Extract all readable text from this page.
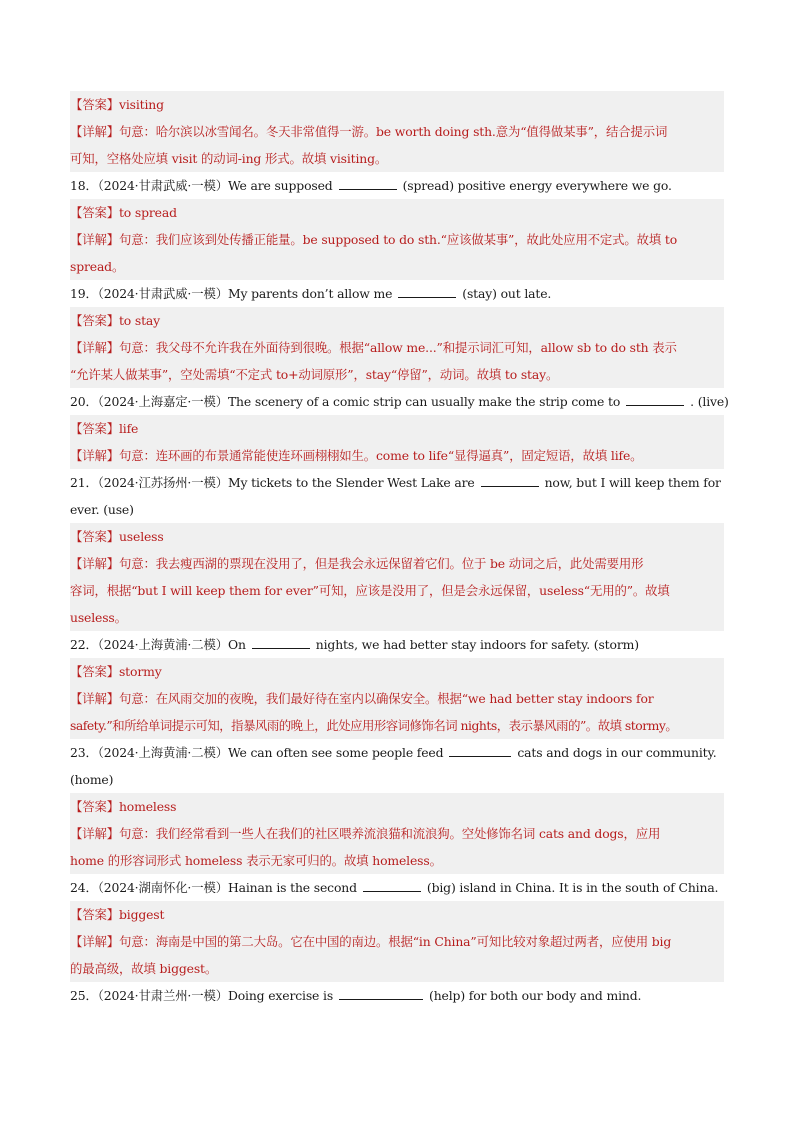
【答案】visiting
【详解】句意：哈尔滨以冰雪闻名。冬天非常值得一游。be worth doing sth.意为“值得做某事”，结合提示词
可知，空格处应填 visit 的动词-ing 形式。故填 visiting。
18．（2024·甘肃武威·一模）We are supposed	(spread) positive energy everywhere we go.
【答案】to spread
【详解】句意：我们应该到处传播正能量。be supposed to do sth.“应该做某事”，故此处应用不定式。故填 to
spread。
19．（2024·甘肃武威·一模）My parents don’t allow me	(stay) out late.
【答案】to stay
【详解】句意：我父母不允许我在外面待到很晚。根据“allow me...”和提示词汇可知，allow sb to do sth 表示
“允许某人做某事”，空处需填“不定式 to+动词原形”，stay“停留”，动词。故填 to stay。
20．（2024·上海嘉定·一模）The scenery of a comic strip can usually make the strip come to	. (live)
【答案】life
【详解】句意：连环画的布景通常能使连环画栩栩如生。come to life“显得逼真”，固定短语，故填 life。
21．（2024·江苏扬州·一模）My tickets to the Slender West Lake are	now, but I will keep them for
ever. (use)
【答案】useless
【详解】句意：我去瘦西湖的票现在没用了，但是我会永远保留着它们。位于 be 动词之后，此处需要用形
容词，根据“but I will keep them for ever”可知，应该是没用了，但是会永远保留，useless“无用的”。故填
useless。
22．（2024·上海黄浦·二模）On	nights, we had better stay indoors for safety. (storm)
【答案】stormy
【详解】句意：在风雨交加的夜晚，我们最好待在室内以确保安全。根据“we had better stay indoors for
safety.”和所给单词提示可知，指暴风雨的晚上，此处应用形容词修饰名词 nights，表示暴风雨的”。故填 stormy。
23．（2024·上海黄浦·二模）We can often see some people feed	cats and dogs in our community.
(home)
【答案】homeless
【详解】句意：我们经常看到一些人在我们的社区喂养流浪猫和流浪狗。空处修饰名词 cats and dogs，应用
home 的形容词形式 homeless 表示无家可归的。故填 homeless。
24．（2024·湖南怀化·一模）Hainan is the second	(big) island in China. It is in the south of China.
【答案】biggest
【详解】句意：海南是中国的第二大岛。它在中国的南边。根据“in China”可知比较对象超过两者，应使用 big
的最高级，故填 biggest。
25．（2024·甘肃兰州·一模）Doing exercise is	(help) for both our body and mind.
